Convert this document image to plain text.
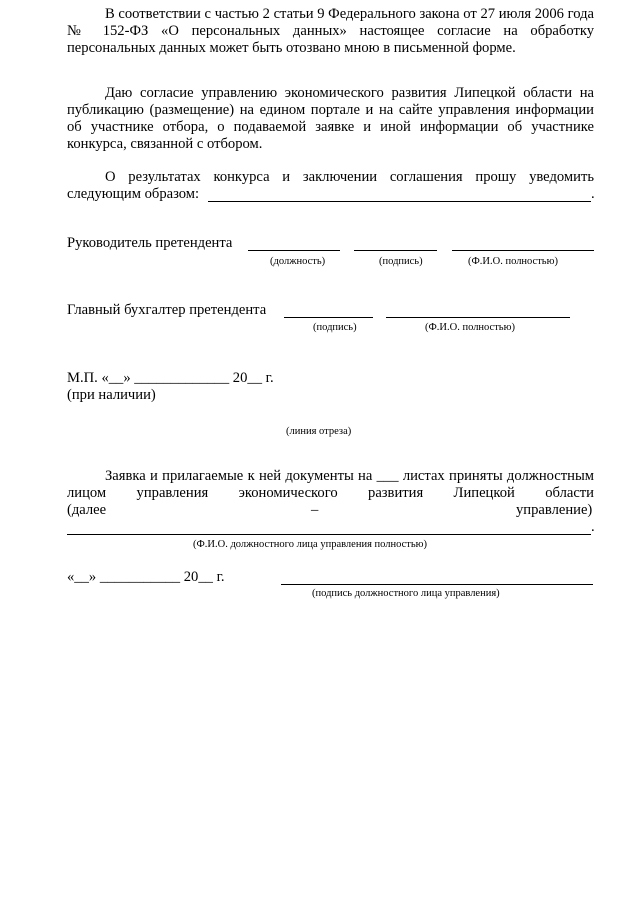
В соответствии с частью 2 статьи 9 Федерального закона от 27 июля 2006 года № 152-ФЗ «О персональных данных» настоящее согласие на обработку персональных данных может быть отозвано мною в письменной форме.

Даю согласие управлению экономического развития Липецкой области на публикацию (размещение) на едином портале и на сайте управления информации об участнике отбора, о подаваемой заявке и иной информации об участнике конкурса, связанной с отбором.

О результатах конкурса и заключении соглашения прошу уведомить

следующим образом:	.
Руководитель претендента
(должность)	(подпись)	(Ф.И.О. полностью)
Главный бухгалтер претендента
(подпись)	(Ф.И.О. полностью)
М.П. «__» _____________ 20__ г.
(при наличии)
(линия отреза)

Заявка и прилагаемые к ней документы на ___ листах приняты должностным лицом управления экономического развития Липецкой области

(далее	–	управление)
.
(Ф.И.О. должностного лица управления полностью)
«__» ___________ 20__ г.
(подпись должностного лица управления)
